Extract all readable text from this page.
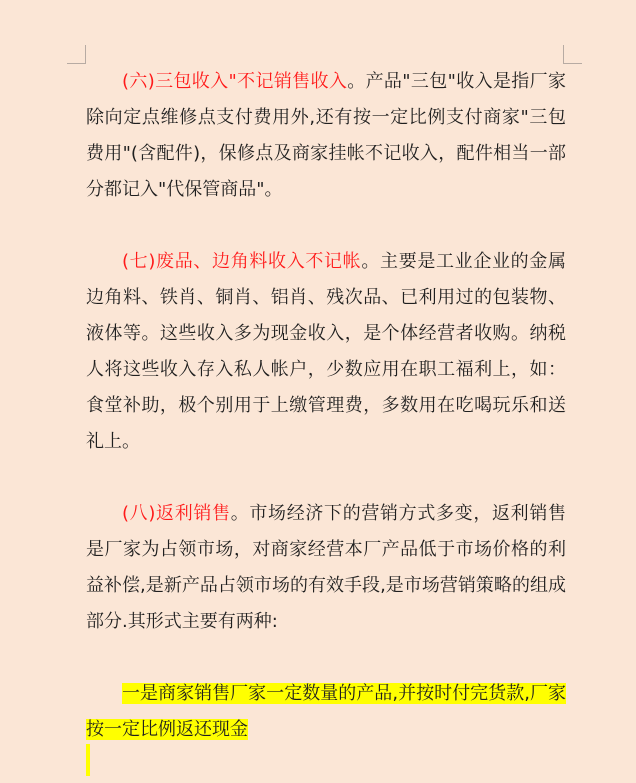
(六)三包收入"不记销售收入。产品"三包"收入是指厂家除向定点维修点支付费用外,还有按一定比例支付商家"三包费用"(含配件)，保修点及商家挂帐不记收入，配件相当一部分都记入"代保管商品"。

(七)废品、边角料收入不记帐。主要是工业企业的金属边角料、铁肖、铜肖、铝肖、残次品、已利用过的包装物、液体等。这些收入多为现金收入，是个体经营者收购。纳税人将这些收入存入私人帐户，少数应用在职工福利上，如：食堂补助，极个别用于上缴管理费，多数用在吃喝玩乐和送礼上。

(八)返利销售。市场经济下的营销方式多变，返利销售是厂家为占领市场，对商家经营本厂产品低于市场价格的利益补偿,是新产品占领市场的有效手段,是市场营销策略的组成部分.其形式主要有两种:

一是商家销售厂家一定数量的产品,并按时付完货款,厂家按一定比例返还现金
